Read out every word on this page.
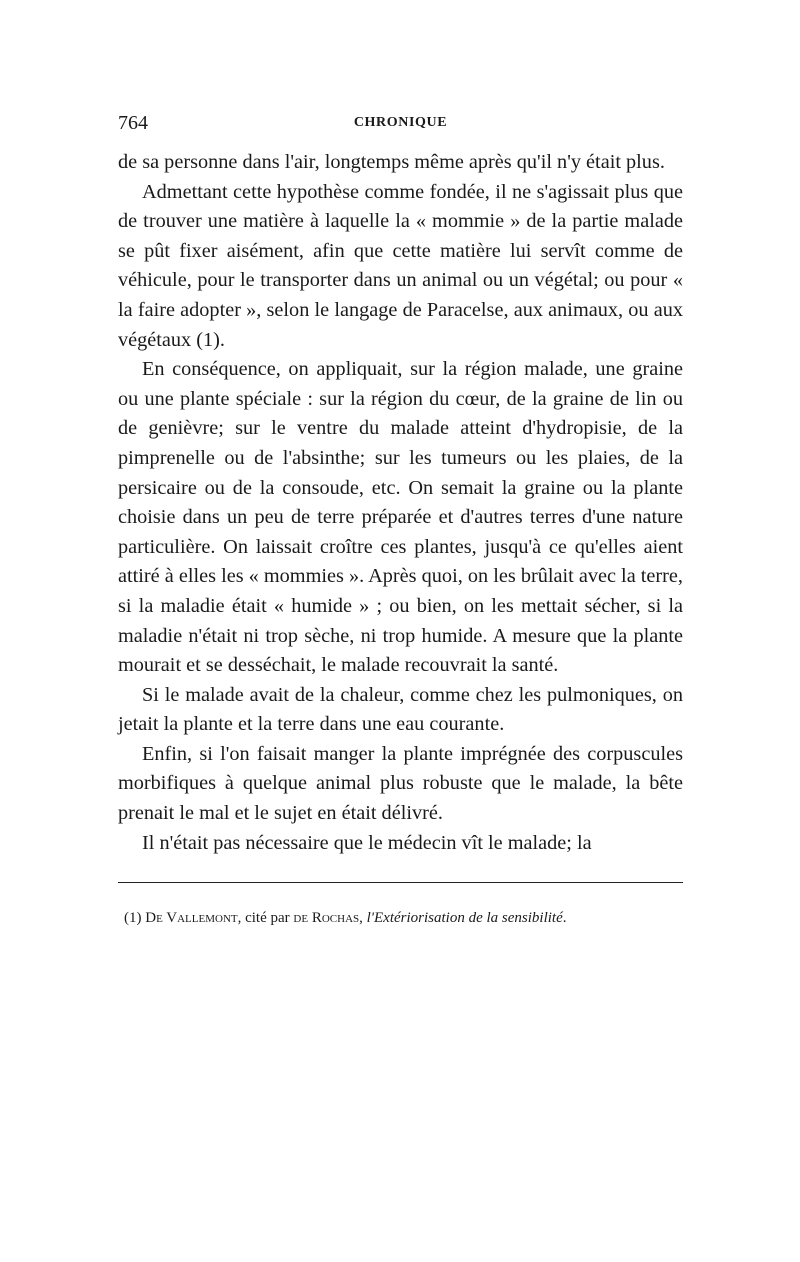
764	CHRONIQUE

de sa personne dans l'air, longtemps même après qu'il n'y était plus.

Admettant cette hypothèse comme fondée, il ne s'agissait plus que de trouver une matière à laquelle la « mommie » de la partie malade se pût fixer aisément, afin que cette matière lui servît comme de véhicule, pour le transporter dans un animal ou un végétal; ou pour « la faire adopter », selon le langage de Paracelse, aux animaux, ou aux végétaux (1).

En conséquence, on appliquait, sur la région malade, une graine ou une plante spéciale : sur la région du cœur, de la graine de lin ou de genièvre; sur le ventre du malade atteint d'hydropisie, de la pimprenelle ou de l'absinthe; sur les tumeurs ou les plaies, de la persicaire ou de la consoude, etc. On semait la graine ou la plante choisie dans un peu de terre préparée et d'autres terres d'une nature particulière. On laissait croître ces plantes, jusqu'à ce qu'elles aient attiré à elles les « mommies ». Après quoi, on les brûlait avec la terre, si la maladie était « humide » ; ou bien, on les mettait sécher, si la maladie n'était ni trop sèche, ni trop humide. A mesure que la plante mourait et se desséchait, le malade recouvrait la santé.

Si le malade avait de la chaleur, comme chez les pulmoniques, on jetait la plante et la terre dans une eau courante.

Enfin, si l'on faisait manger la plante imprégnée des corpuscules morbifiques à quelque animal plus robuste que le malade, la bête prenait le mal et le sujet en était délivré.

Il n'était pas nécessaire que le médecin vît le malade; la

(1) De Vallemont, cité par de Rochas, l'Extériorisation de la sensibilité.
